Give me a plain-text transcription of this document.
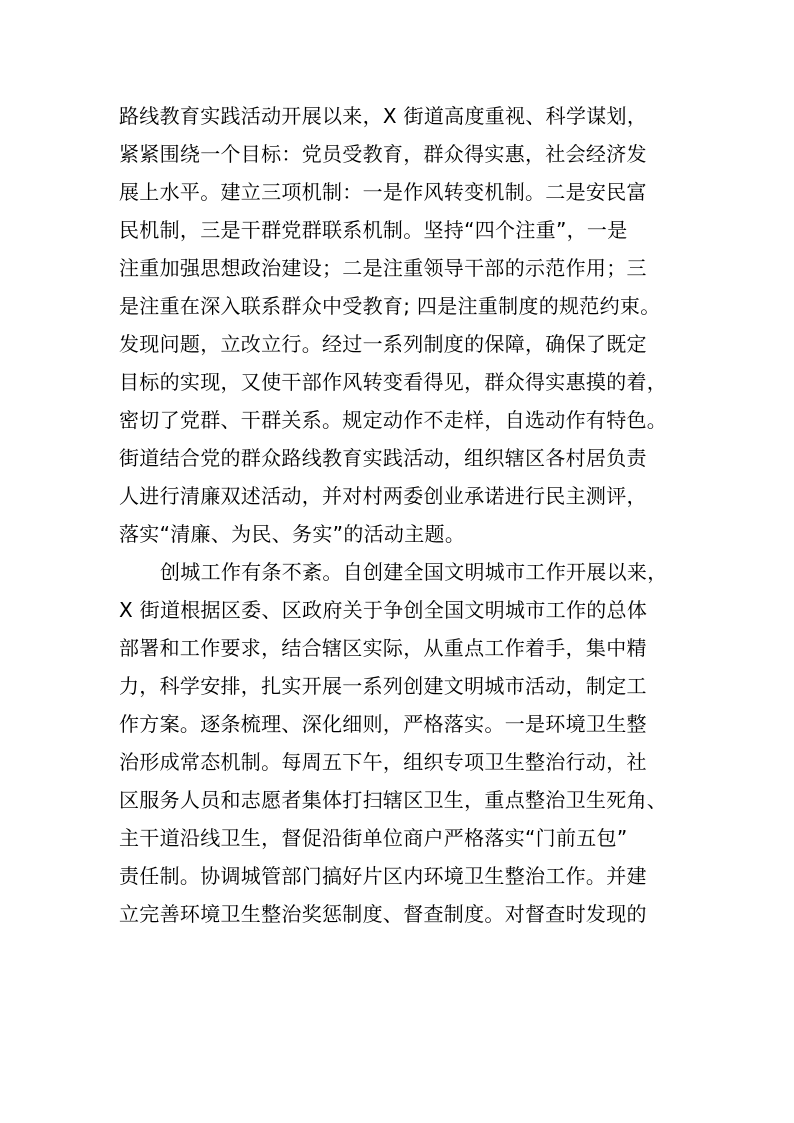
路线教育实践活动开展以来，X 街道高度重视、科学谋划，
紧紧围绕一个目标：党员受教育，群众得实惠，社会经济发
展上水平。建立三项机制：一是作风转变机制。二是安民富
民机制，三是干群党群联系机制。坚持“四个注重”，一是
注重加强思想政治建设；二是注重领导干部的示范作用；三
是注重在深入联系群众中受教育; 四是注重制度的规范约束。
发现问题，立改立行。经过一系列制度的保障，确保了既定
目标的实现，又使干部作风转变看得见，群众得实惠摸的着，
密切了党群、干群关系。规定动作不走样，自选动作有特色。
街道结合党的群众路线教育实践活动，组织辖区各村居负责
人进行清廉双述活动，并对村两委创业承诺进行民主测评，
落实“清廉、为民、务实”的活动主题。
创城工作有条不紊。自创建全国文明城市工作开展以来，
X 街道根据区委、区政府关于争创全国文明城市工作的总体
部署和工作要求，结合辖区实际，从重点工作着手，集中精
力，科学安排，扎实开展一系列创建文明城市活动，制定工
作方案。逐条梳理、深化细则，严格落实。一是环境卫生整
治形成常态机制。每周五下午，组织专项卫生整治行动，社
区服务人员和志愿者集体打扫辖区卫生，重点整治卫生死角、
主干道沿线卫生，督促沿街单位商户严格落实“门前五包”
责任制。协调城管部门搞好片区内环境卫生整治工作。并建
立完善环境卫生整治奖惩制度、督查制度。对督查时发现的
